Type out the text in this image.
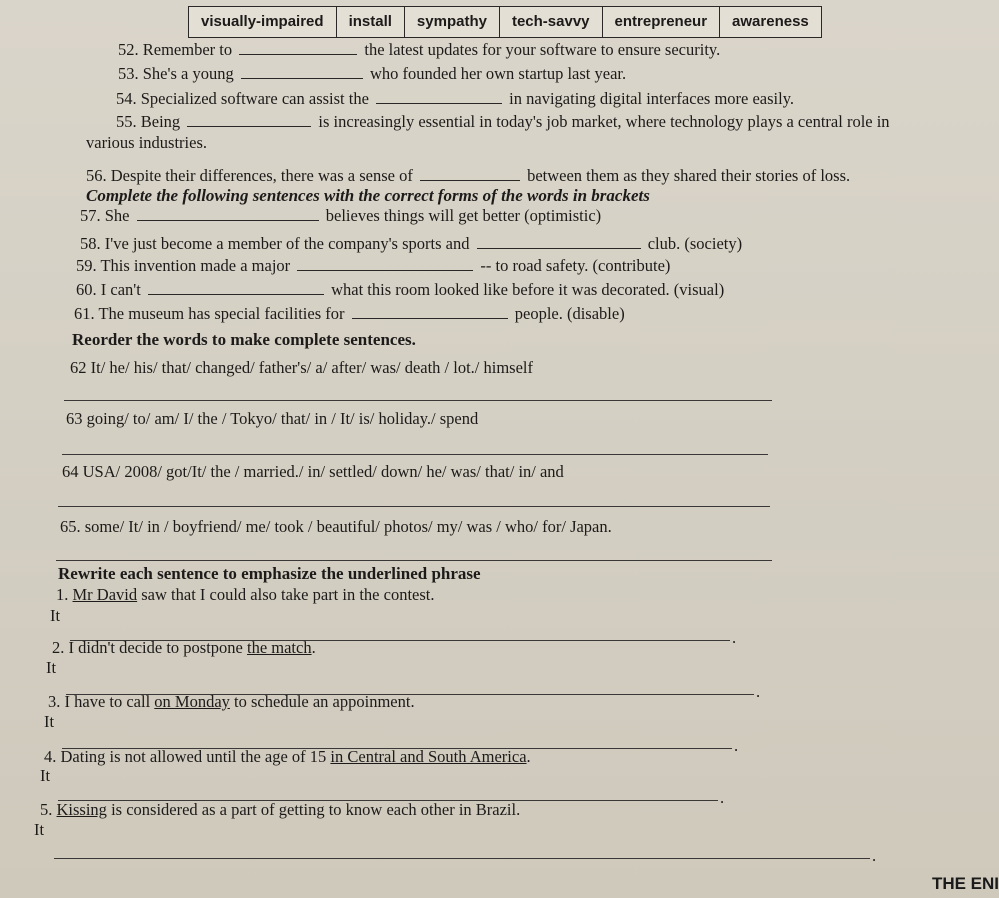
visually-impaired	install	sympathy	tech-savvy	entrepreneur	awareness
52. Remember to	the latest updates for your software to ensure security.
53. She's a young	who founded her own startup last year.
54. Specialized software can assist the	in navigating digital interfaces more easily.
55. Being	is increasingly essential in today's job market, where technology plays a central role in
various industries.
56. Despite their differences, there was a sense of	between them as they shared their stories of loss.
Complete the following sentences with the correct forms of the words in brackets
57. She	believes things will get better (optimistic)
58. I've just become a member of the company's sports and	club. (society)
59. This invention made a major	-- to road safety. (contribute)
60. I can't	what this room looked like before it was decorated. (visual)
61. The museum has special facilities for	people. (disable)
Reorder the words to make complete sentences.
62 It/ he/ his/ that/ changed/ father's/ a/ after/ was/ death / lot./ himself
63 going/ to/ am/ I/ the / Tokyo/ that/ in / It/ is/ holiday./ spend
64 USA/ 2008/ got/It/ the / married./ in/ settled/ down/ he/ was/ that/ in/ and
65. some/ It/ in / boyfriend/ me/ took / beautiful/ photos/ my/ was / who/ for/ Japan.
Rewrite each sentence to emphasize the underlined phrase
1. Mr David saw that I could also take part in the contest.
It
.
2. I didn't decide to postpone the match.
It
.
3. I have to call on Monday to schedule an appoinment.
It
.
4. Dating is not allowed until the age of 15 in Central and South America.
It
.
5. Kissing is considered as a part of getting to know each other in Brazil.
It
.
THE ENI
